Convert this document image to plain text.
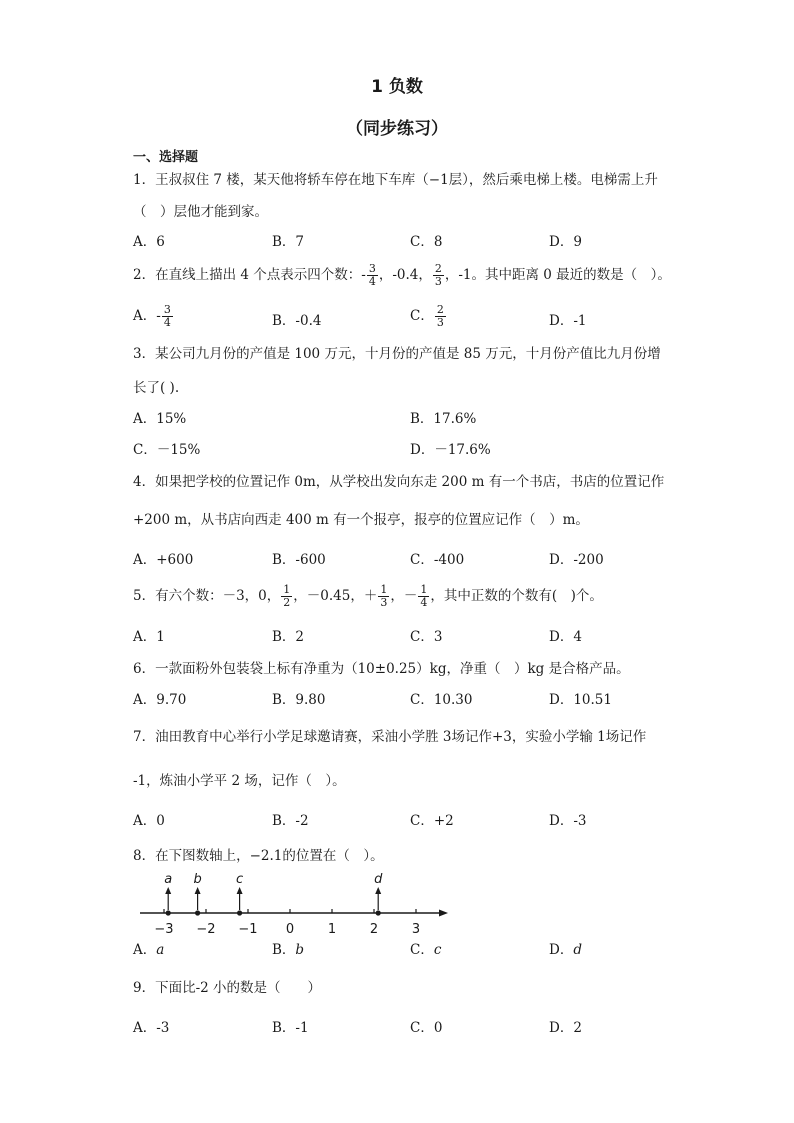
1 负数
（同步练习）
一、选择题
1．王叔叔住 7 楼，某天他将轿车停在地下车库（−1层），然后乘电梯上楼。电梯需上升
（　）层他才能到家。
A．6	B．7	C．8	D．9
2．在直线上描出 4 个点表示四个数：- $\frac{3}{4}$ ，-0.4， $\frac{2}{3}$ ，-1。其中距离 0 最近的数是（　）。
A．- $\frac{3}{4}$	B．-0.4	C． $\frac{2}{3}$	D．-1
3．某公司九月份的产值是 100 万元，十月份的产值是 85 万元，十月份产值比九月份增
长了( ).
A．15%	B．17.6%
C．－15%	D．－17.6%
4．如果把学校的位置记作 0m，从学校出发向东走 200 m 有一个书店，书店的位置记作
+200 m，从书店向西走 400 m 有一个报亭，报亭的位置应记作（　）m。
A．+600	B．-600	C．-400	D．-200
5．有六个数：－3，0， $\frac{1}{2}$ ，－0.45，＋ $\frac{1}{3}$ ，－ $\frac{1}{4}$ ，其中正数的个数有(　)个。
A．1	B．2	C．3	D．4
6．一款面粉外包装袋上标有净重为（10±0.25）kg，净重（　）kg 是合格产品。
A．9.70	B．9.80	C．10.30	D．10.51
7．油田教育中心举行小学足球邀请赛，采油小学胜 3场记作+3，实验小学输 1场记作
-1，炼油小学平 2 场，记作（　）。
A．0	B．-2	C．+2	D．-3
8．在下图数轴上，−2.1的位置在（　）。
−3 −2 −1 0	1	2	3
a b	c	d
A．a	B．b	C．c	D．d
9．下面比-2 小的数是（　　）
A．-3	B．-1	C．0	D．2
